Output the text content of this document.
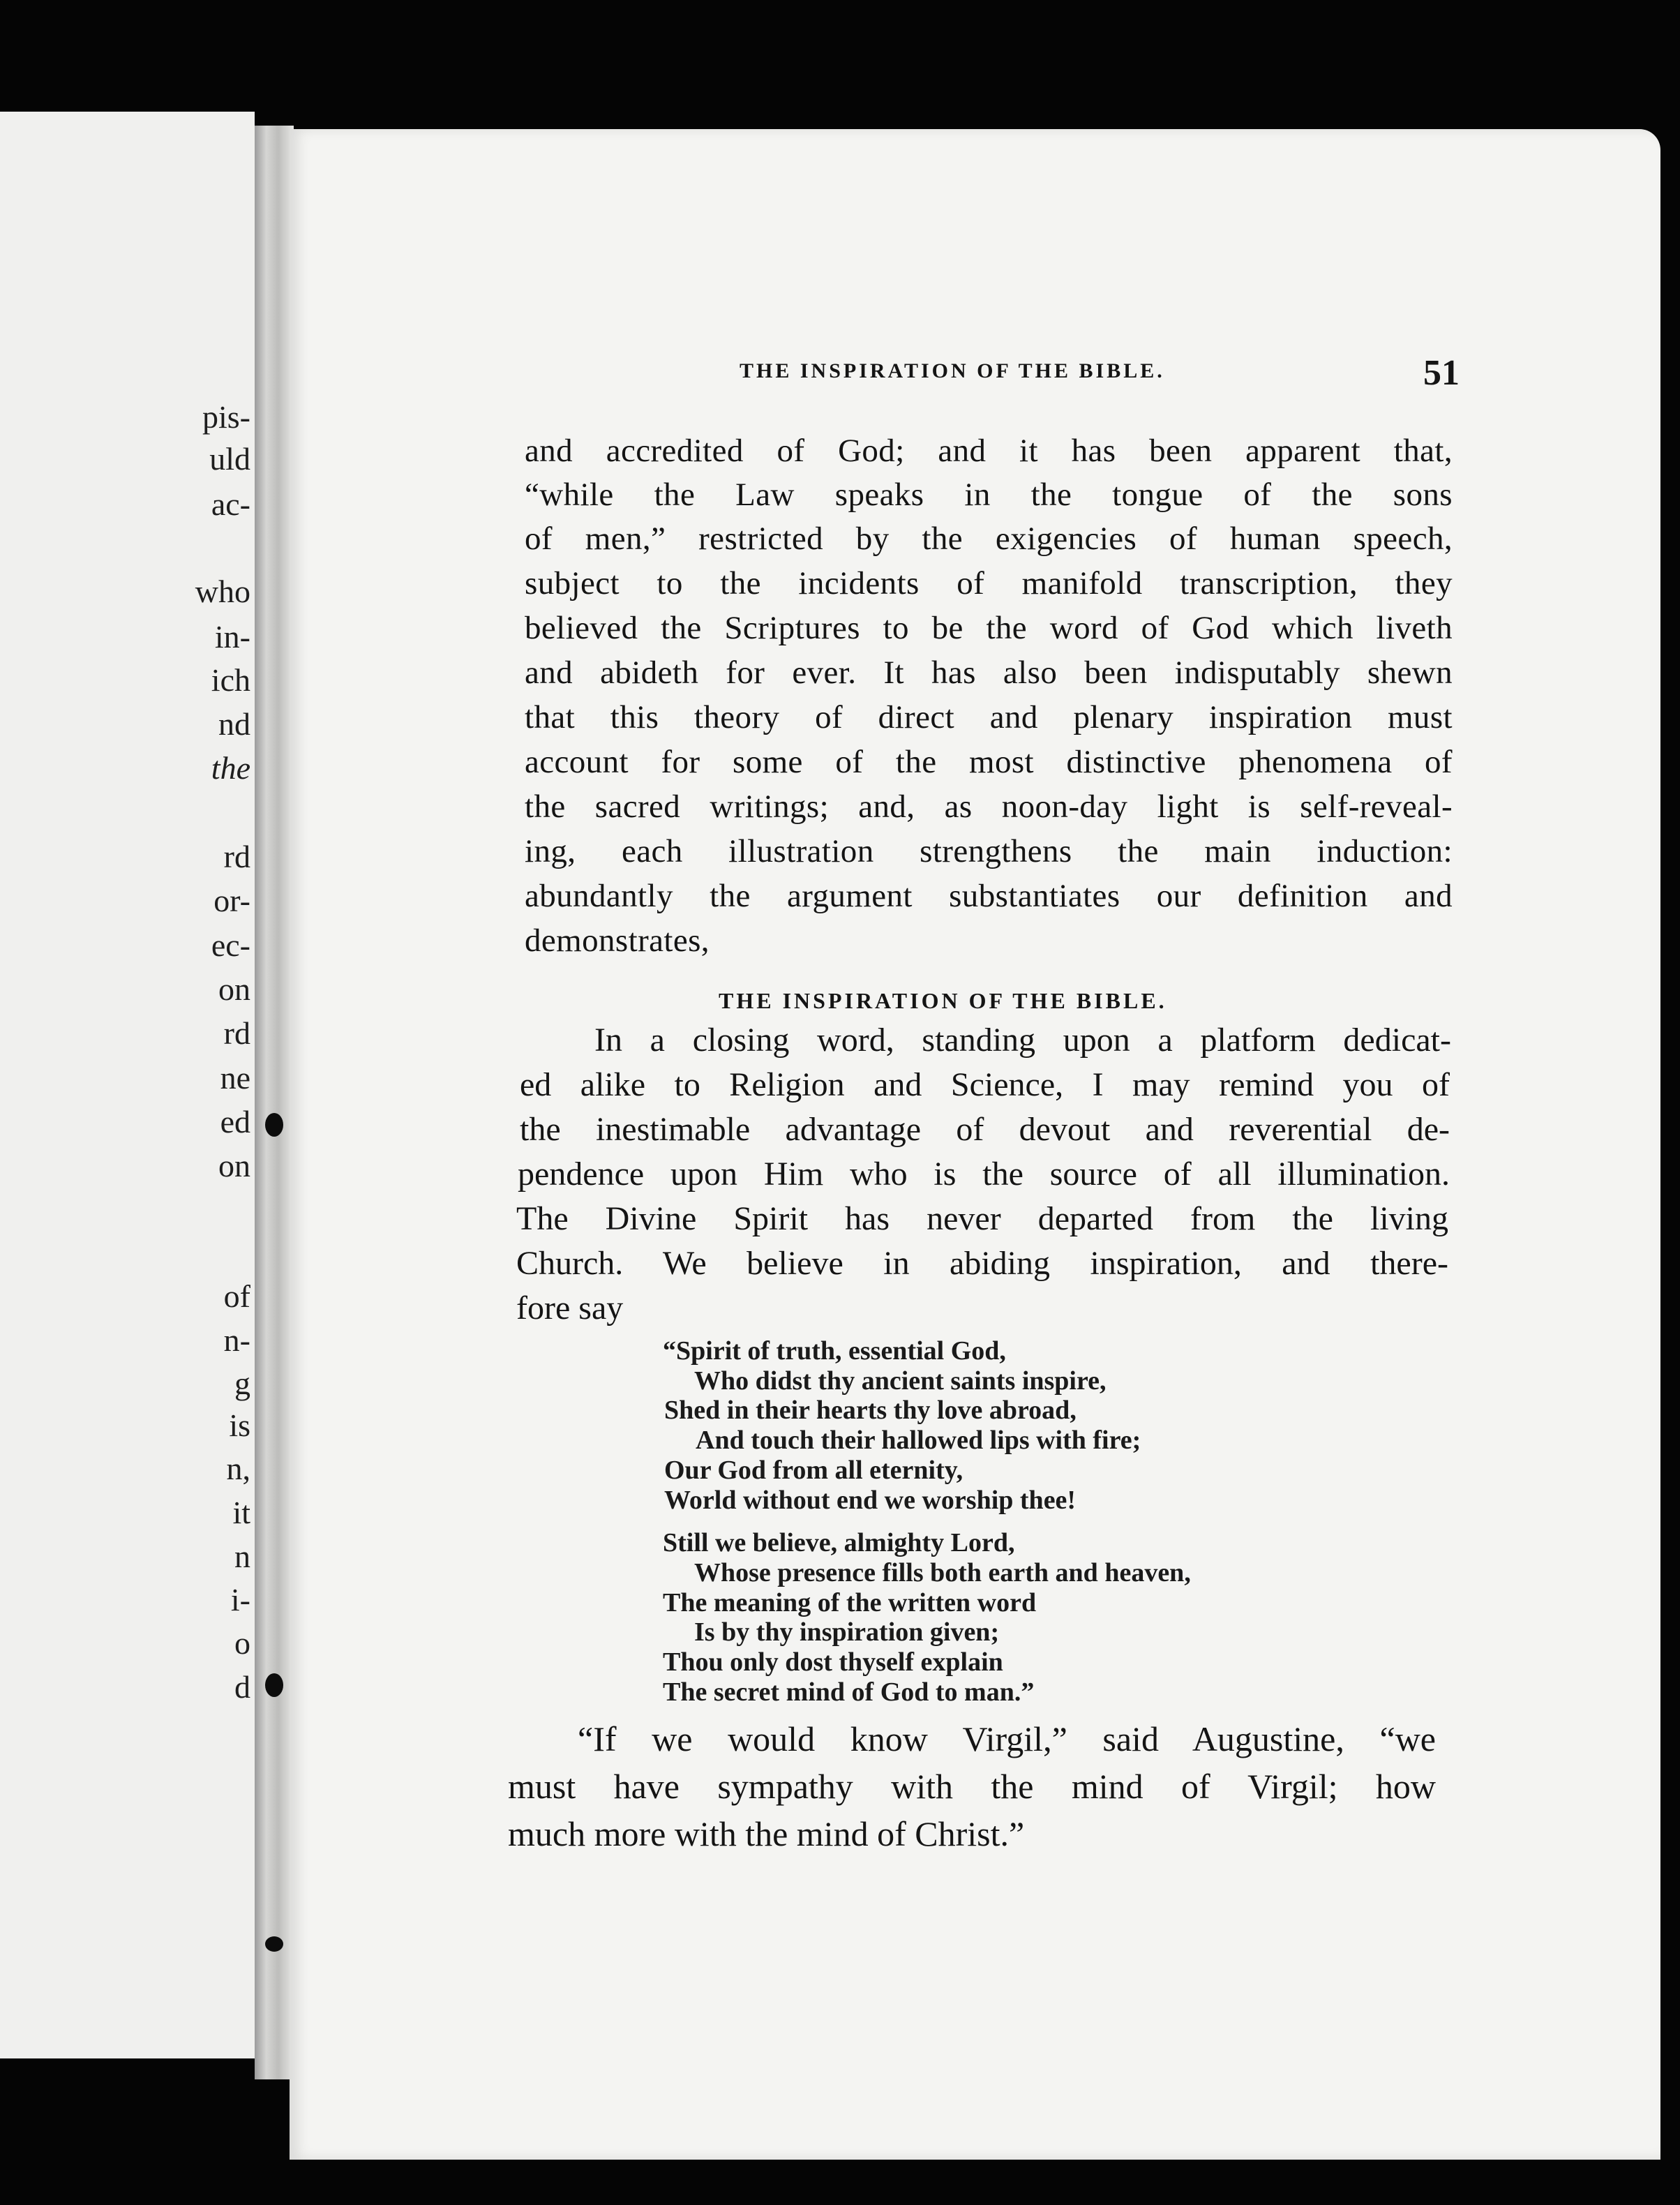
pis-
uld
ac-
who
in-
ich
nd
the
rd
or-
ec-
on
rd
ne
ed
on
of
n-
g
is
n,
it
n
i-
o
d
THE INSPIRATION OF THE BIBLE.	51
and accredited of God; and it has been apparent that,
“while the Law speaks in the tongue of the sons
of men,” restricted by the exigencies of human speech,
subject to the incidents of manifold transcription, they
believed the Scriptures to be the word of God which liveth
and abideth for ever. It has also been indisputably shewn
that this theory of direct and plenary inspiration must
account for some of the most distinctive phenomena of
the sacred writings; and, as noon-day light is self-reveal-
ing, each illustration strengthens the main induction:
abundantly the argument substantiates our definition and
demonstrates,
THE INSPIRATION OF THE BIBLE.
In a closing word, standing upon a platform dedicat-
ed alike to Religion and Science, I may remind you of
the inestimable advantage of devout and reverential de-
pendence upon Him who is the source of all illumination.
The Divine Spirit has never departed from the living
Church. We believe in abiding inspiration, and there-
fore say
“Spirit of truth, essential God,
Who didst thy ancient saints inspire,
Shed in their hearts thy love abroad,
And touch their hallowed lips with fire;
Our God from all eternity,
World without end we worship thee!
Still we believe, almighty Lord,
Whose presence fills both earth and heaven,
The meaning of the written word
Is by thy inspiration given;
Thou only dost thyself explain
The secret mind of God to man.”
“If we would know Virgil,” said Augustine, “we
must have sympathy with the mind of Virgil; how
much more with the mind of Christ.”
